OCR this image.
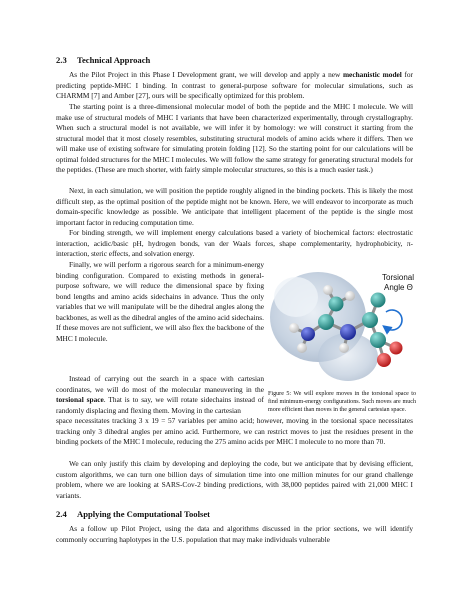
2.3 Technical Approach

As the Pilot Project in this Phase I Development grant, we will develop and apply a new mechanistic model for predicting peptide-MHC I binding. In contrast to general-purpose software for molecular simulations, such as CHARMM [7] and Amber [27], ours will be specifically optimized for this problem.

The starting point is a three-dimensional molecular model of both the peptide and the MHC I molecule. We will make use of structural models of MHC I variants that have been characterized experimentally, through crystallography. When such a structural model is not available, we will infer it by homology: we will construct it starting from the structural model that it most closely resembles, substituting structural models of amino acids where it differs. Then we will make use of existing software for simulating protein folding [12]. So the starting point for our calculations will be optimal folded structures for the MHC I molecules. We will follow the same strategy for generating structural models for the peptides. (These are much shorter, with fairly simple molecular structures, so this is a much easier task.)

Next, in each simulation, we will position the peptide roughly aligned in the binding pockets. This is likely the most difficult step, as the optimal position of the peptide might not be known. Here, we will endeavor to incorporate as much domain-specific knowledge as possible. We anticipate that intelligent placement of the peptide is the single most important factor in reducing computation time.

For binding strength, we will implement energy calculations based a variety of biochemical factors: electrostatic interaction, acidic/basic pH, hydrogen bonds, van der Waals forces, shape complementarity, hydrophobicity, π-interaction, steric effects, and solvation energy.

Finally, we will perform a rigorous search for a minimum-energy binding configuration. Compared to existing methods in general-purpose software, we will reduce the dimensional space by fixing bond lengths and amino acids sidechains in advance. Thus the only variables that we will manipulate will be the dihedral angles along the backbones, as well as the dihedral angles of the amino acid sidechains. If these moves are not sufficient, we will also flex the backbone of the MHC I molecule.

Instead of carrying out the search in a space with cartesian coordinates, we will do most of the molecular maneuvering in the torsional space. That is to say, we will rotate sidechains instead of randomly displacing and flexing them. Moving in the cartesian

space necessitates tracking 3 x 19 = 57 variables per amino acid; however, moving in the torsional space necessitates tracking only 3 dihedral angles per amino acid. Furthermore, we can restrict moves to just the residues present in the binding pockets of the MHC I molecule, reducing the 275 amino acids per MHC I molecule to no more than 70.

We can only justify this claim by developing and deploying the code, but we anticipate that by devising efficient, custom algorithms, we can turn one billion days of simulation time into one million minutes for our grand challenge problem, where we are looking at SARS-Cov-2 binding predictions, with 38,000 peptides paired with 21,000 MHC I variants.

Torsional
Angle Θ

Figure 5: We will explore moves in the torsional space to find minimum-energy configurations. Such moves are much more efficient than moves in the general cartesian space.

2.4 Applying the Computational Toolset

As a follow up Pilot Project, using the data and algorithms discussed in the prior sections, we will identify commonly occurring haplotypes in the U.S. population that may make individuals vulnerable
